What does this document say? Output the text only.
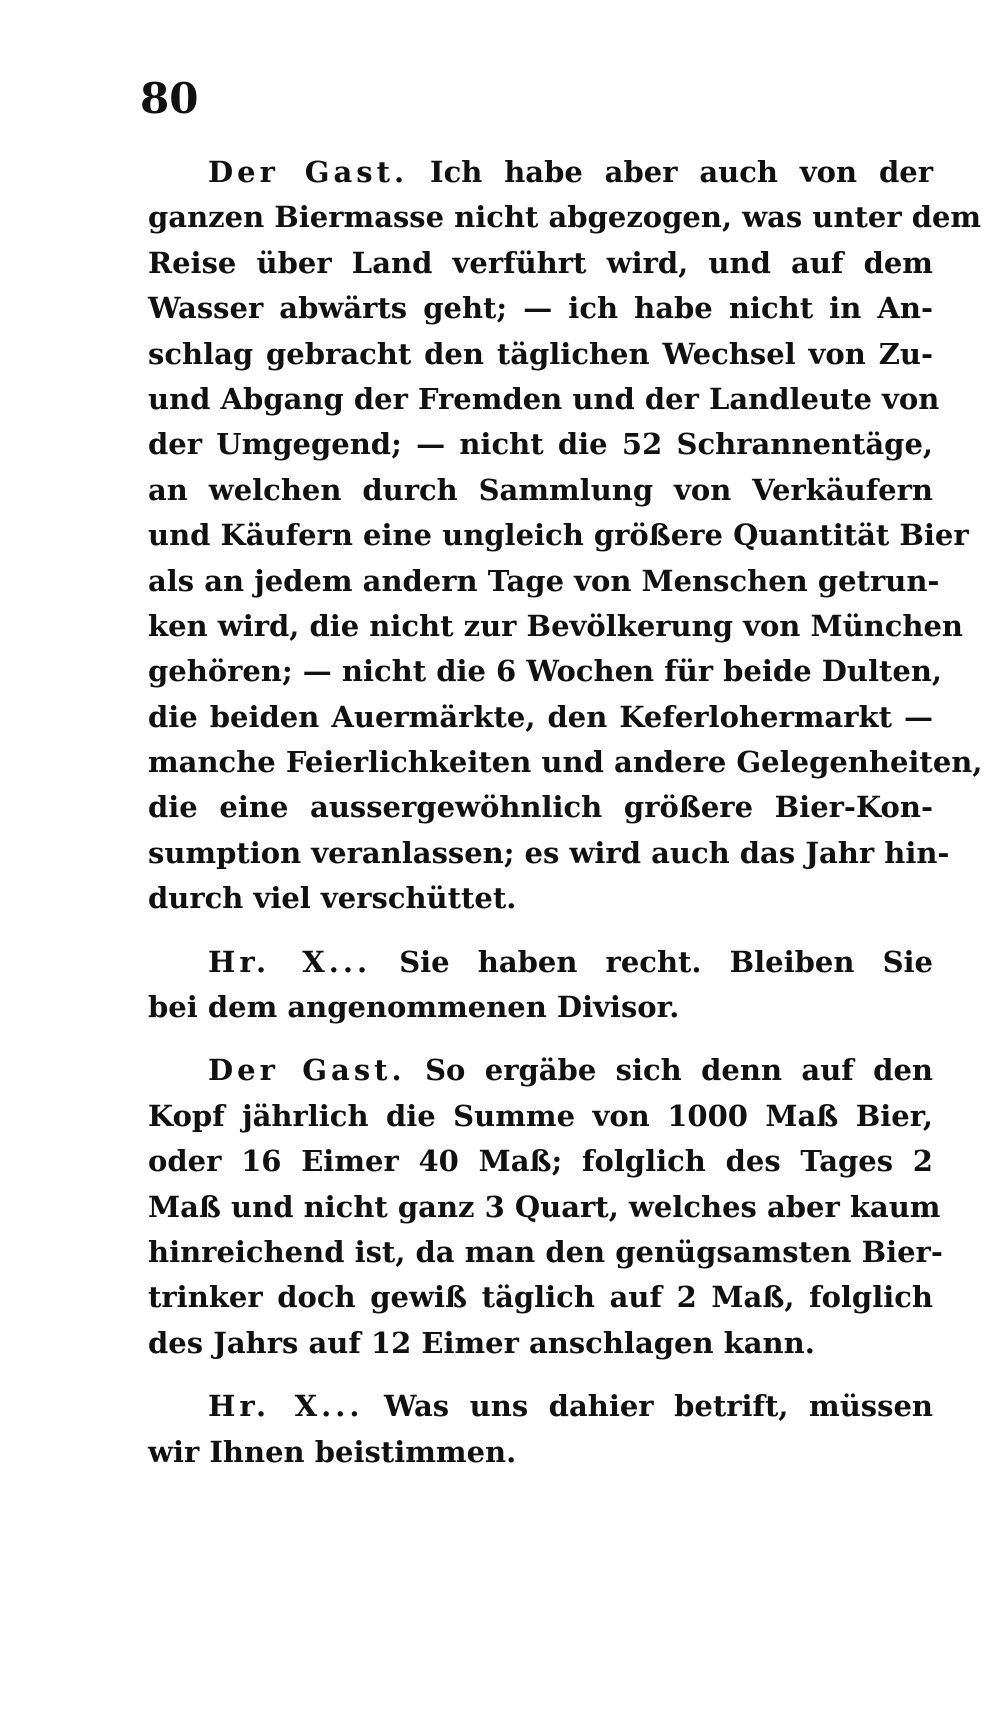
80
Der Gast. Ich habe aber auch von der
ganzen Biermasse nicht abgezogen, was unter dem
Reise über Land verführt wird, und auf dem
Wasser abwärts geht; — ich habe nicht in An-
schlag gebracht den täglichen Wechsel von Zu-
und Abgang der Fremden und der Landleute von
der Umgegend; — nicht die 52 Schrannentäge,
an welchen durch Sammlung von Verkäufern
und Käufern eine ungleich größere Quantität Bier
als an jedem andern Tage von Menschen getrun-
ken wird, die nicht zur Bevölkerung von München
gehören; — nicht die 6 Wochen für beide Dulten,
die beiden Auermärkte, den Keferlohermarkt —
manche Feierlichkeiten und andere Gelegenheiten,
die eine aussergewöhnlich größere Bier-Kon-
sumption veranlassen; es wird auch das Jahr hin-
durch viel verschüttet.
Hr. X... Sie haben recht. Bleiben Sie
bei dem angenommenen Divisor.
Der Gast. So ergäbe sich denn auf den
Kopf jährlich die Summe von 1000 Maß Bier,
oder 16 Eimer 40 Maß; folglich des Tages 2
Maß und nicht ganz 3 Quart, welches aber kaum
hinreichend ist, da man den genügsamsten Bier-
trinker doch gewiß täglich auf 2 Maß, folglich
des Jahrs auf 12 Eimer anschlagen kann.
Hr. X... Was uns dahier betrift, müssen
wir Ihnen beistimmen.
